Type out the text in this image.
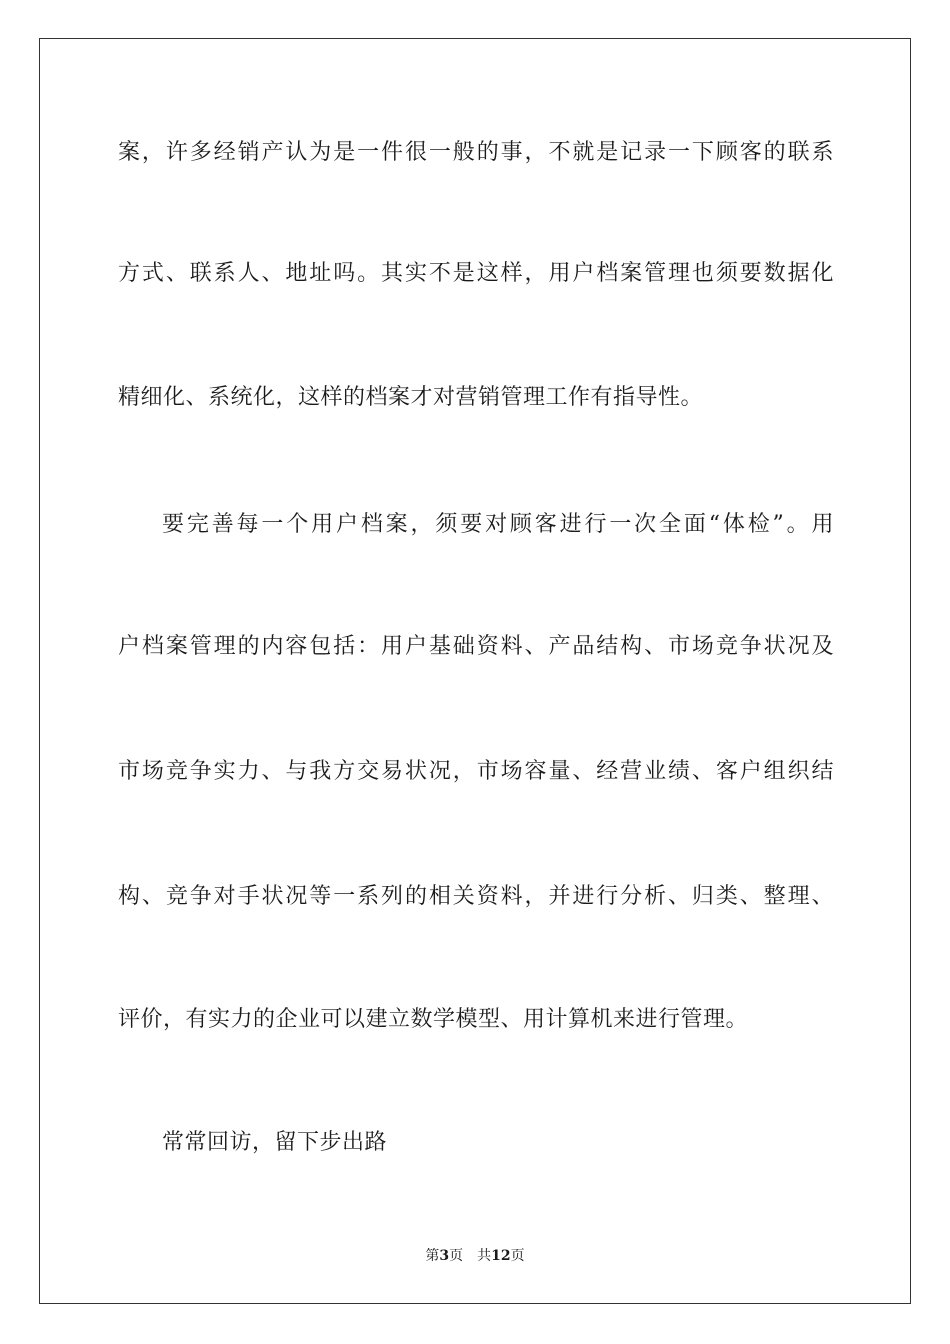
案，许多经销产认为是一件很一般的事，不就是记录一下顾客的联系
方式、联系人、地址吗。其实不是这样，用户档案管理也须要数据化
精细化、系统化，这样的档案才对营销管理工作有指导性。
要完善每一个用户档案，须要对顾客进行一次全面“体检”。用
户档案管理的内容包括：用户基础资料、产品结构、市场竞争状况及
市场竞争实力、与我方交易状况，市场容量、经营业绩、客户组织结
构、竞争对手状况等一系列的相关资料，并进行分析、归类、整理、
评价，有实力的企业可以建立数学模型、用计算机来进行管理。
常常回访，留下步出路
第3页 共12页
